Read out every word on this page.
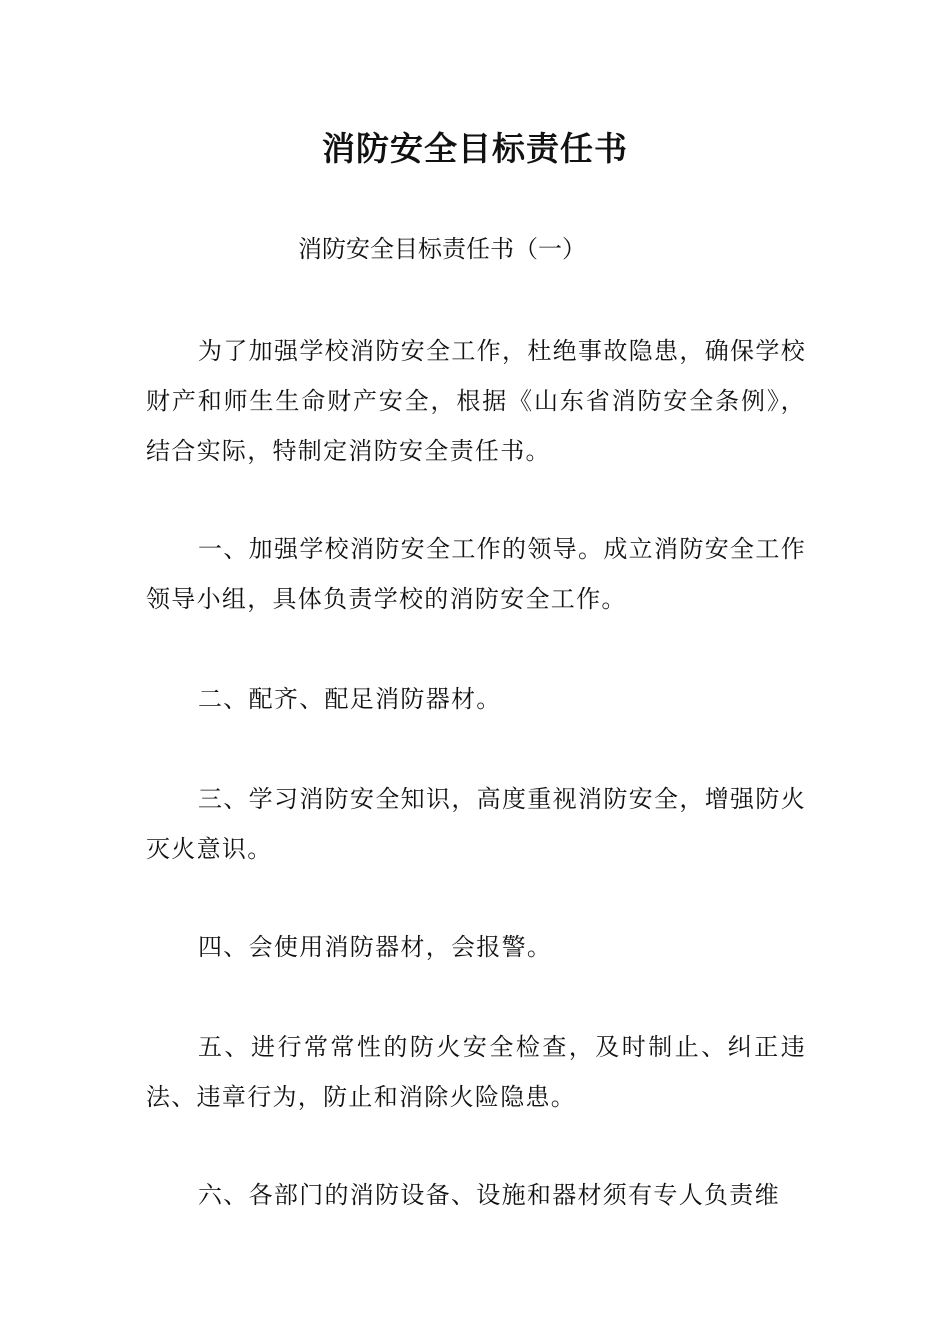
消防安全目标责任书

消防安全目标责任书（一）

为了加强学校消防安全工作，杜绝事故隐患，确保学校财产和师生生命财产安全，根据《山东省消防安全条例》，结合实际，特制定消防安全责任书。

一、加强学校消防安全工作的领导。成立消防安全工作领导小组，具体负责学校的消防安全工作。

二、配齐、配足消防器材。

三、学习消防安全知识，高度重视消防安全，增强防火灭火意识。

四、会使用消防器材，会报警。

五、进行常常性的防火安全检查，及时制止、纠正违法、违章行为，防止和消除火险隐患。

六、各部门的消防设备、设施和器材须有专人负责维
